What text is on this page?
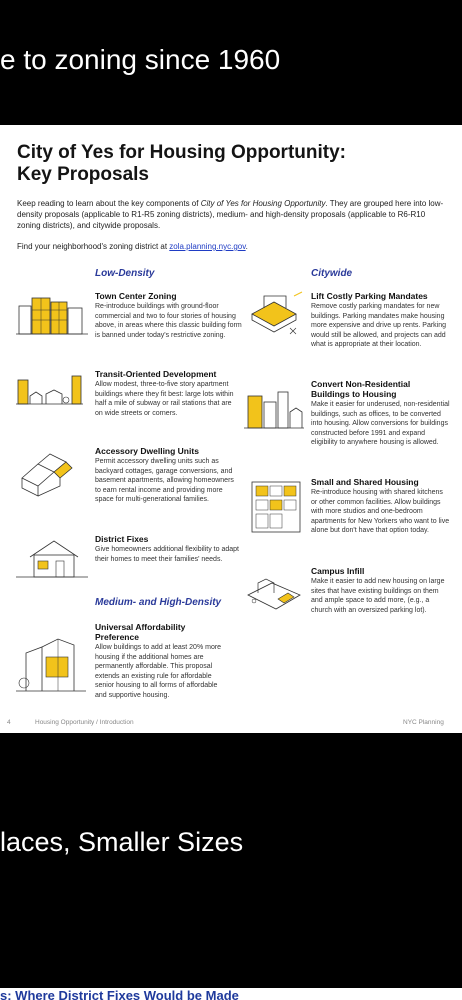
e to zoning since 1960
City of Yes for Housing Opportunity:
Key Proposals
Keep reading to learn about the key components of City of Yes for Housing Opportunity. They are grouped here into low-density proposals (applicable to R1-R5 zoning districts), medium- and high-density proposals (applicable to R6-R10 zoning districts), and citywide proposals.
Find your neighborhood's zoning district at zola.planning.nyc.gov.
Low-Density	Citywide
Medium- and High-Density
Town Center Zoning
Re-introduce buildings with ground-floor commercial and two to four stories of housing above, in areas where this classic building form is banned under today's restrictive zoning.
Transit-Oriented Development
Allow modest, three-to-five story apartment buildings where they fit best: large lots within half a mile of subway or rail stations that are on wide streets or corners.
Accessory Dwelling Units
Permit accessory dwelling units such as backyard cottages, garage conversions, and basement apartments, allowing homeowners to earn rental income and providing more space for multi-generational families.
District Fixes
Give homeowners additional flexibility to adapt their homes to meet their families' needs.
Universal Affordability Preference
Allow buildings to add at least 20% more housing if the additional homes are permanently affordable. This proposal extends an existing rule for affordable senior housing to all forms of affordable and supportive housing.
Lift Costly Parking Mandates
Remove costly parking mandates for new buildings. Parking mandates make housing more expensive and drive up rents. Parking would still be allowed, and projects can add what is appropriate at their location.
Convert Non-Residential Buildings to Housing
Make it easier for underused, non-residential buildings, such as offices, to be converted into housing. Allow conversions for buildings constructed before 1991 and expand eligibility to anywhere housing is allowed.
Small and Shared Housing
Re-introduce housing with shared kitchens or other common facilities. Allow buildings with more studios and one-bedroom apartments for New Yorkers who want to live alone but don't have that option today.
Campus Infill
Make it easier to add new housing on large sites that have existing buildings on them and ample space to add more, (e.g., a church with an oversized parking lot).
4	Housing Opportunity / Introduction	NYC Planning
laces, Smaller Sizes
s: Where District Fixes Would be Made
